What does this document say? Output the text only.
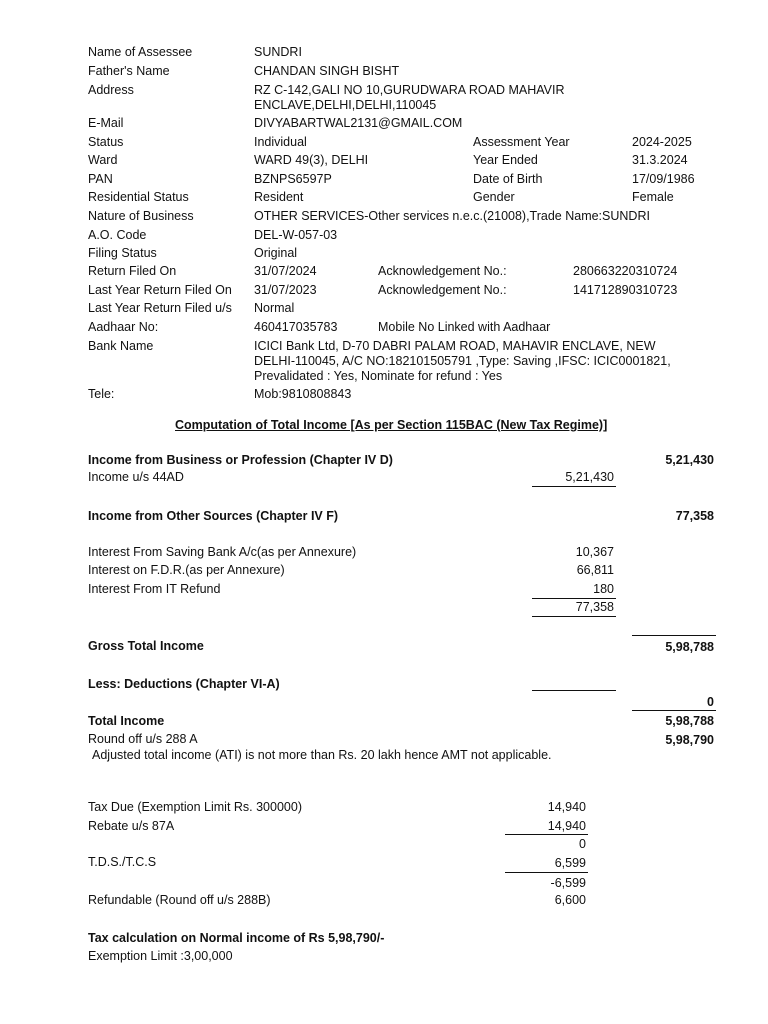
Name of Assessee	SUNDRI
Father's Name	CHANDAN SINGH BISHT
Address	RZ C-142,GALI NO 10,GURUDWARA ROAD MAHAVIR
ENCLAVE,DELHI,DELHI,110045
E-Mail	DIVYABARTWAL2131@GMAIL.COM
Status	Individual	Assessment Year	2024-2025
Ward	WARD 49(3), DELHI	Year Ended	31.3.2024
PAN	BZNPS6597P	Date of Birth	17/09/1986
Residential Status	Resident	Gender	Female
Nature of Business	OTHER SERVICES-Other services n.e.c.(21008),Trade Name:SUNDRI
A.O. Code	DEL-W-057-03
Filing Status	Original
Return Filed On	31/07/2024	Acknowledgement No.:	280663220310724
Last Year Return Filed On 31/07/2023	Acknowledgement No.:	141712890310723
Last Year Return Filed u/s Normal
Aadhaar No:	460417035783	Mobile No Linked with Aadhaar
Bank Name	ICICI Bank Ltd, D-70 DABRI PALAM ROAD, MAHAVIR ENCLAVE, NEW
DELHI-110045, A/C NO:182101505791 ,Type: Saving ,IFSC: ICIC0001821,
Prevalidated : Yes, Nominate for refund : Yes
Tele:	Mob:9810808843
Computation of Total Income [As per Section 115BAC (New Tax Regime)]
Income from Business or Profession (Chapter IV D)	5,21,430
Income u/s 44AD	5,21,430
Income from Other Sources (Chapter IV F)	77,358
Interest From Saving Bank A/c(as per Annexure)	10,367
Interest on F.D.R.(as per Annexure)	66,811
Interest From IT Refund	180
77,358
Gross Total Income	5,98,788
Less: Deductions (Chapter VI-A)
0
Total Income	5,98,788
Round off u/s 288 A	5,98,790
Adjusted total income (ATI) is not more than Rs. 20 lakh hence AMT not applicable.
Tax Due (Exemption Limit Rs. 300000)	14,940
Rebate u/s 87A	14,940
0
T.D.S./T.C.S	6,599
-6,599
Refundable (Round off u/s 288B)	6,600
Tax calculation on Normal income of Rs 5,98,790/-
Exemption Limit :3,00,000
